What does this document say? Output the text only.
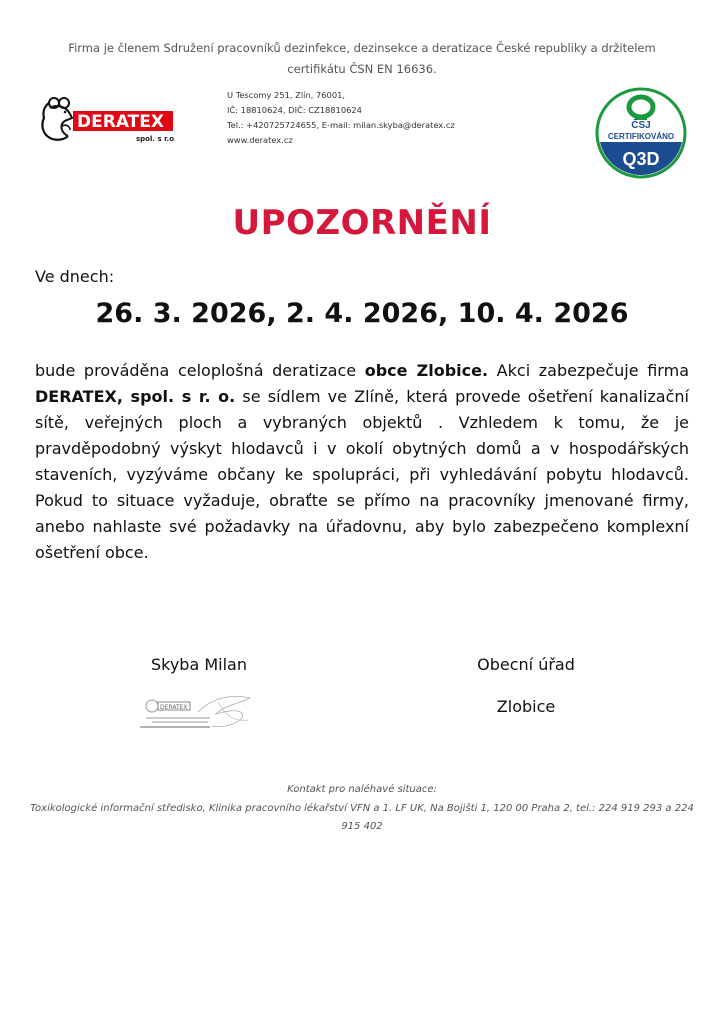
Firma je členem Sdružení pracovníků dezinfekce, dezinsekce a deratizace České republiky a držitelem certifikátu ČSN EN 16636.
DERATEX
spol. s r.o.
U Tescomy 251, Zlín, 76001,
IČ: 18810624, DIČ: CZ18810624
Tel.: +420725724655, E-mail: milan.skyba@deratex.cz
www.deratex.cz
ČSJ
CERTIFIKOVÁNO
Q3D
UPOZORNĚNÍ
Ve dnech:
26. 3. 2026, 2. 4. 2026, 10. 4. 2026
bude prováděna celoplošná deratizace obce Zlobice. Akci zabezpečuje firma DERATEX, spol. s r. o. se sídlem ve Zlíně, která provede ošetření kanalizační sítě, veřejných ploch a vybraných objektů . Vzhledem k tomu, že je pravděpodobný výskyt hlodavců i v okolí obytných domů a v hospodářských staveních, vyzýváme občany ke spolupráci, při vyhledávání pobytu hlodavců. Pokud to situace vyžaduje, obraťte se přímo na pracovníky jmenované firmy, anebo nahlaste své požadavky na úřadovnu, aby bylo zabezpečeno komplexní ošetření obce.
Skyba Milan
DERATEX
Obecní úřad
Zlobice
Kontakt pro naléhavé situace:
Toxikologické informační středisko, Klinika pracovního lékařství VFN a 1. LF UK, Na Bojišti 1, 120 00 Praha 2, tel.: 224 919 293 a 224 915 402
